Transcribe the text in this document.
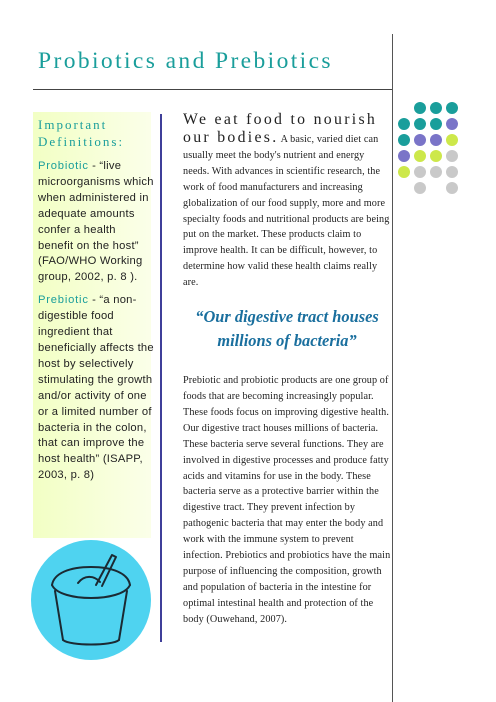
Probiotics and Prebiotics
Important
Definitions:

Probiotic - “live microorganisms which when administered in adequate amounts confer a health benefit on the host” (FAO/WHO Working group, 2002, p. 8 ).

Prebiotic - “a non-digestible food ingredient that beneficially affects the host by selectively stimulating the growth and/or activity of one or a limited number of bacteria in the colon, that can improve the host health” (ISAPP, 2003, p. 8)

We eat food to nourish
our bodies. A basic, varied diet can usually meet the body's nutrient and energy needs. With advances in scientific research, the work of food manufacturers and increasing globalization of our food supply, more and more specialty foods and nutritional products are being put on the market. These products claim to improve health. It can be difficult, however, to determine how valid these health claims really are.

“Our digestive tract houses
millions of bacteria”

Prebiotic and probiotic products are one group of foods that are becoming increasingly popular. These foods focus on improving digestive health. Our digestive tract houses millions of bacteria. These bacteria serve several functions. They are involved in digestive processes and produce fatty acids and vitamins for use in the body. These bacteria serve as a protective barrier within the digestive tract. They prevent infection by pathogenic bacteria that may enter the body and work with the immune system to prevent infection. Prebiotics and probiotics have the main purpose of influencing the composition, growth and population of bacteria in the intestine for optimal intestinal health and protection of the body (Ouwehand, 2007).
